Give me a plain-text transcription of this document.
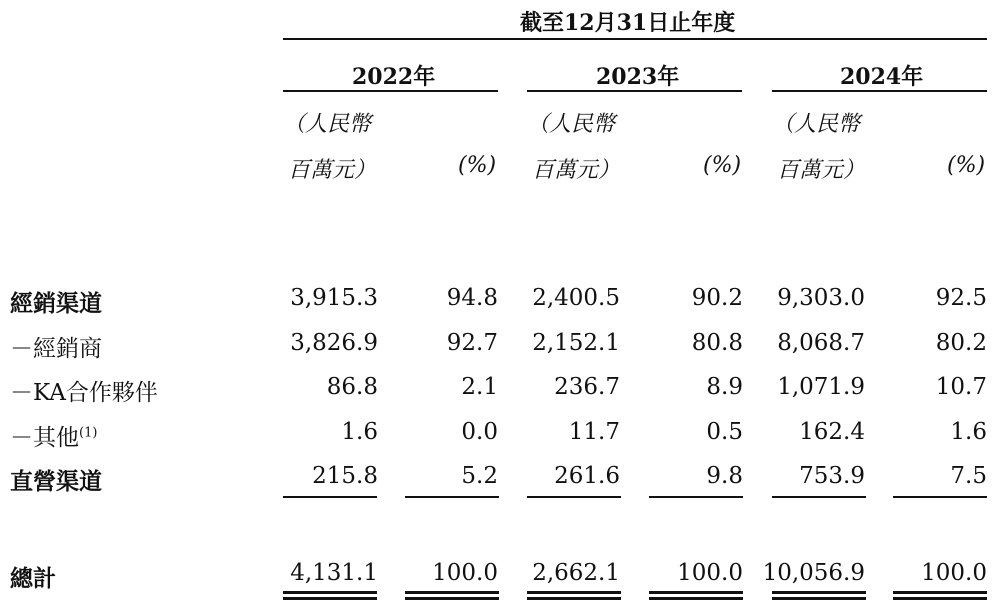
截至12月31日止年度
2022年	2023年	2024年
（人民幣
百萬元）	(%)
（人民幣
百萬元）	(%)
（人民幣
百萬元）	(%)
經銷渠道	3,915.3	94.8 2,400.5	90.2 9,303.0	92.5
－經銷商	3,826.9	92.7 2,152.1	80.8 8,068.7	80.2
－KA合作夥伴	86.8	2.1 236.7	8.9 1,071.9	10.7
－其他$^{(1)}$	1.6	0.0	11.7	0.5 162.4	1.6
直營渠道	215.8	5.2 261.6	9.8 753.9	7.5
總計	4,131.1 100.0 2,662.1 100.0 10,056.9 100.0
